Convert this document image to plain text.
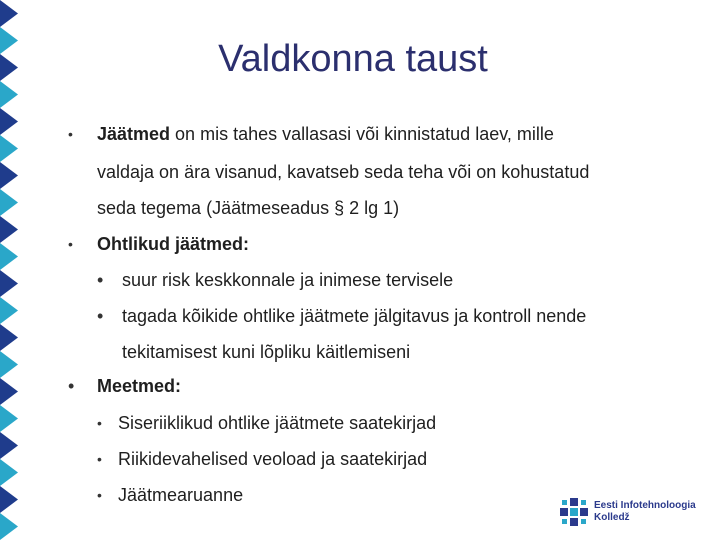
Valdkonna taust
• Jäätmed on mis tahes vallasasi või kinnistatud laev, mille
valdaja on ära visanud, kavatseb seda teha või on kohustatud
seda tegema (Jäätmeseadus § 2 lg 1)
• Ohtlikud jäätmed:
• suur risk keskkonnale ja inimese tervisele
• tagada kõikide ohtlike jäätmete jälgitavus ja kontroll nende
tekitamisest kuni lõpliku käitlemiseni
• Meetmed:
• Siseriiklikud ohtlike jäätmete saatekirjad
• Riikidevahelised veoload ja saatekirjad
• Jäätmearuanne
Eesti Infotehnoloogia
Kolledž
